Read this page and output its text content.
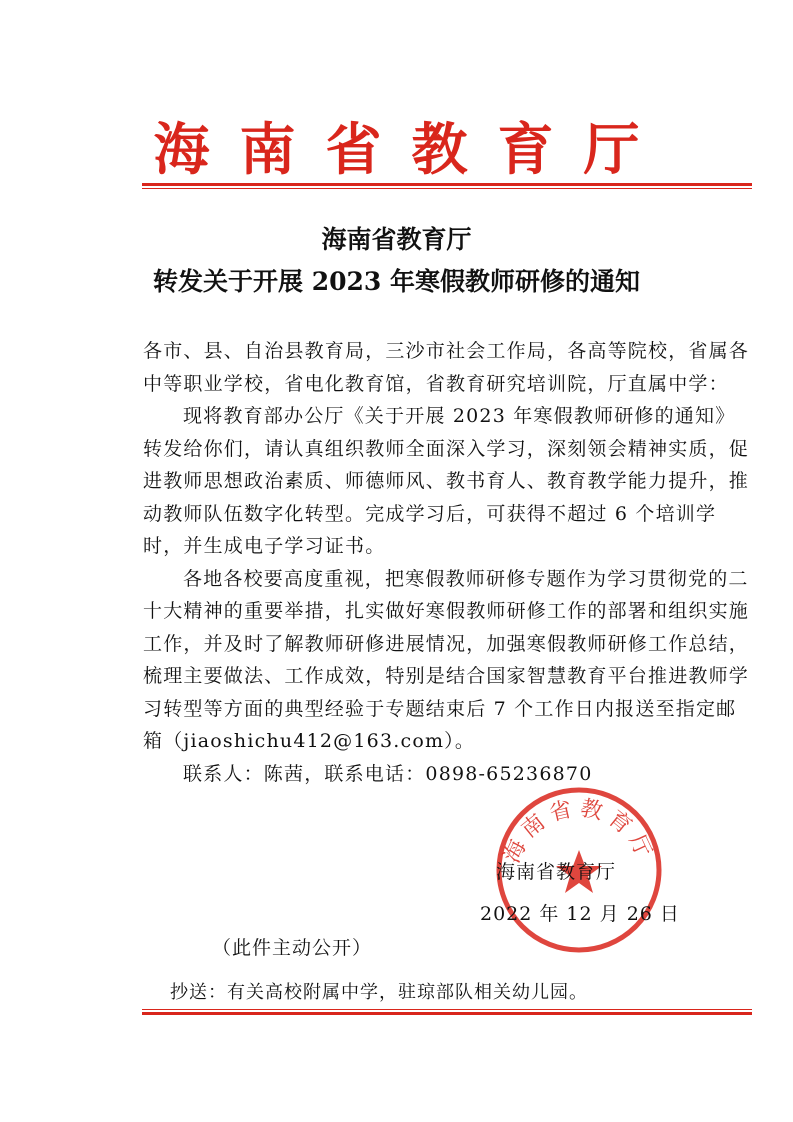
海南省教育厅
海南省教育厅
转发关于开展 2023 年寒假教师研修的通知

各市、县、自治县教育局，三沙市社会工作局，各高等院校，省属各中等职业学校，省电化教育馆，省教育研究培训院，厅直属中学：

现将教育部办公厅《关于开展 2023 年寒假教师研修的通知》转发给你们，请认真组织教师全面深入学习，深刻领会精神实质，促进教师思想政治素质、师德师风、教书育人、教育教学能力提升，推动教师队伍数字化转型。完成学习后，可获得不超过 6 个培训学时，并生成电子学习证书。

各地各校要高度重视，把寒假教师研修专题作为学习贯彻党的二十大精神的重要举措，扎实做好寒假教师研修工作的部署和组织实施工作，并及时了解教师研修进展情况，加强寒假教师研修工作总结，梳理主要做法、工作成效，特别是结合国家智慧教育平台推进教师学习转型等方面的典型经验于专题结束后 7 个工作日内报送至指定邮箱（jiaoshichu412@163.com）。

联系人：陈茜，联系电话：0898-65236870

海南省教育厅
海南省教育厅
2022 年 12 月 26 日
（此件主动公开）
抄送：有关高校附属中学，驻琼部队相关幼儿园。
